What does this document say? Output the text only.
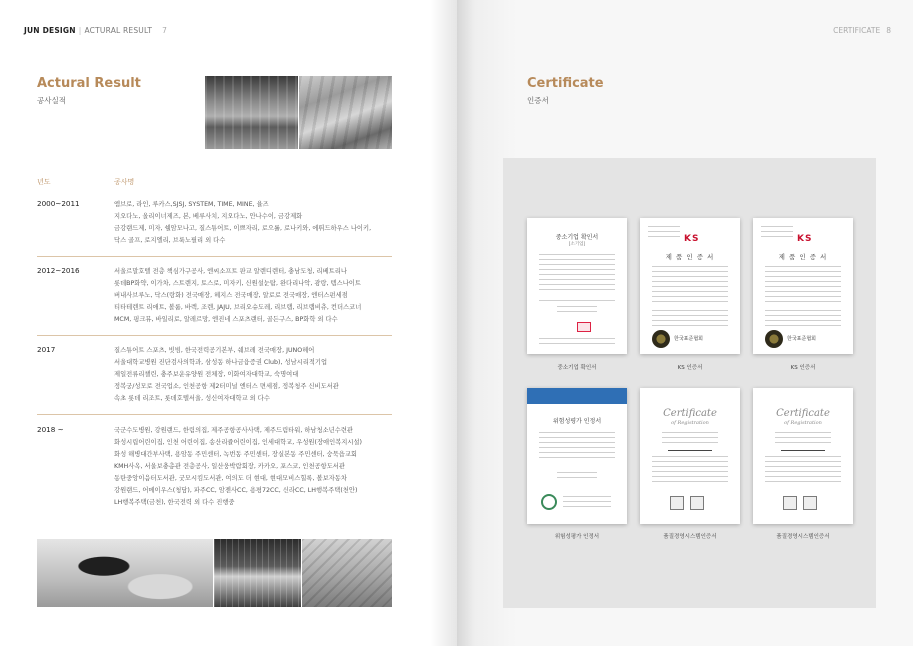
JUN DESIGN | ACTURAL RESULT 7
Actural Result
공사실적
년도	공사명
2000~2011	엠브로, 라인, 루카스,SJSJ, SYSTEM, TIME, MINE, 율즈
지오다노, 올리이너제즈, 뵨, 베루사치, 지오다노, 안나수이, 금강제화
금강랜드제, 미자, 쉘암모나고, 질스튜어트, 이쁘자리, 로으롤, 로나키와, 에뛰드하우스 나이키,
닥스 골프, 로지엘리, 브룩노필리 외 다수
2012~2016	서울르말호텔 전층 책심가구공사, 엔씨소프트 판교 알렌디렌터, 충남도청, 리베트리나
롯데BP화약, 이가차, 스트렌지, 토스로, 미자키, 신원설눈탐, 완다리나악, 광랑, 템스나이트
버내사브루노, 닥스(랑화) 전국매장, 헤지스 전국매장, 알로로 전국매장, 엔터스펀세점
티타테렌트 리애트, 볼룸, 바렉, 조렌, JAJU, 브리오슈도레, 리브랩, 리브랩비츄, 컨더스코너
MCM, 핑크뮤, 바일리로, 알레르망, 엔진네 스포츠랜터, 골든구스, BP화학 외 다수
2017	질스튜어트 스포츠, 빗빔, 한국전력공기본부, 쉐브레 전국매장, JUNO헤어
서울대학교병원 진단검사의학과, 삼성동 하나금융증권 Club), 성남시리적기업
제일전류리챌린, 충주보운유양원 전체장, 이화여자대학교, 숙명여대
정복궁/성모로 전국업소, 인천공항 제2터미널 엔터스 면세점, 정복청주 신비도서관
속초 롯데 리조트, 롯데호텔서울, 성신여자대학교 외 다수
2018 ~	국군수도병원, 강원랜드, 한림의집, 제주공항공사사택, 제주드림타워, 하남청소년수련관
화성시립어린이집, 인천 어린이집, 송산리쥴어린이집, 인세대학교, 우성원(장애인복지시설)
화성 해병대간부사택, 용암동 주민센터, 녹번동 주민센터, 장실본동 주민센터, 숭묵읍교회
KMH사옥, 서울보충총관 전층공사, 일산웅박람회장, 카카오, 포스코, 인천공항도서관
동탄중앙이음터도서관, 굿모시킴도서관, 여의도 더 현대, 현대모비스힐록, 볼보자동차
강원랜드, 어메이우스(청담), 파주CC, 암젠사CC, 용평72CC, 신라CC, LH행복주택(천안)
LH행복주택(금천), 한국전력 외 다수 진행중
CERTIFICATE 8
Certificate
인증서
중소기업 확인서
[소기업]
중소기업 확인서
K S
제 품 인 증 서
한국표준협회
KS 인증서
K S
제 품 인 증 서
한국표준협회
KS 인증서
위험성평가 인정서
위험성평가 인정서
Certificate
of Registration
품질경영시스템인증서
Certificate
of Registration
품질경영시스템인증서
